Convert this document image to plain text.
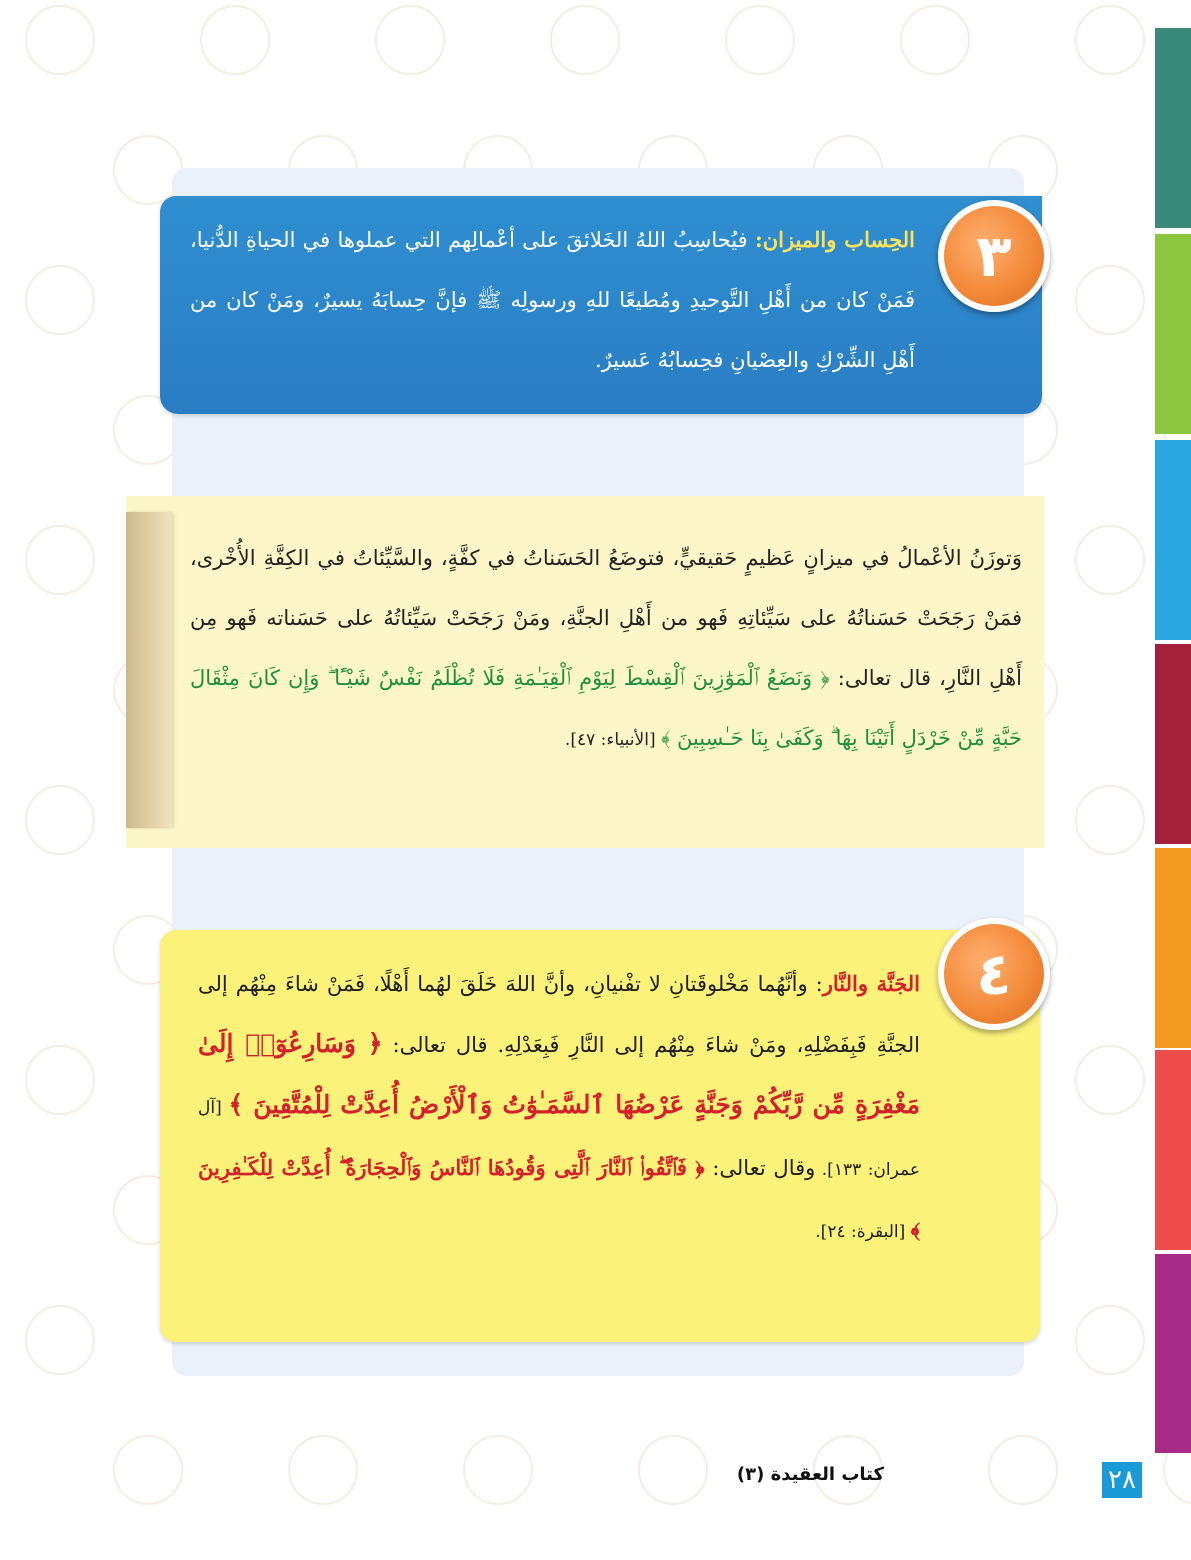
الحِساب والميزان: فيُحاسِبُ اللهُ الخَلائقَ على أعْمالِهم التي عملوها في الحياةِ الدُّنيا، فَمَنْ كان من أَهْلِ التَّوحيدِ ومُطيعًا للهِ ورسولِه ﷺ فإنَّ حِسابَهُ يسيرٌ، ومَنْ كان من أَهْلِ الشِّرْكِ والعِصْيانِ فحِسابُهُ عَسيرٌ.
٣
وَتوزَنُ الأعْمالُ في ميزانٍ عَظيمٍ حَقيقيٍّ، فتوضَعُ الحَسَناتُ في كفَّةٍ، والسَّيِّئاتُ في الكِفَّةِ الأُخْرى، فمَنْ رَجَحَتْ حَسَناتُهُ على سَيِّئاتِهِ فَهو من أَهْلِ الجنَّةِ، ومَنْ رَجَحَتْ سَيِّئاتُهُ على حَسَناته فَهو مِن أَهْلِ النَّارِ، قال تعالى: ﴿ وَنَضَعُ ٱلْمَوَٰزِينَ ٱلْقِسْطَ لِيَوْمِ ٱلْقِيَـٰمَةِ فَلَا تُظْلَمُ نَفْسٌ شَيْـًٔا ۖ وَإِن كَانَ مِثْقَالَ حَبَّةٍ مِّنْ خَرْدَلٍ أَتَيْنَا بِهَا ۗ وَكَفَىٰ بِنَا حَـٰسِبِينَ ﴾ [الأنبياء: ٤٧].
الجَنَّة والنَّار: وأنَّهُما مَخْلوقَتانِ لا تفْنيانِ، وأنَّ اللهَ خَلَقَ لهُما أَهْلًا، فَمَنْ شاءَ مِنْهُم إلى الجنَّةِ فَبِفَضْلِهِ، ومَنْ شاءَ مِنْهُم إلى النَّارِ فَبِعَدْلِهِ. قال تعالى: ﴿ وَسَارِعُوٓا۟ إِلَىٰ مَغْفِرَةٍ مِّن رَّبِّكُمْ وَجَنَّةٍ عَرْضُهَا ٱلسَّمَـٰوَٰتُ وَٱلْأَرْضُ أُعِدَّتْ لِلْمُتَّقِينَ ﴾ [آل عمران: ١٣٣]. وقال تعالى: ﴿ فَٱتَّقُوا۟ ٱلنَّارَ ٱلَّتِى وَقُودُهَا ٱلنَّاسُ وَٱلْحِجَارَةُ ۖ أُعِدَّتْ لِلْكَـٰفِرِينَ ﴾ [البقرة: ٢٤].
٤
٢٨
كتاب العقيدة (٣)
